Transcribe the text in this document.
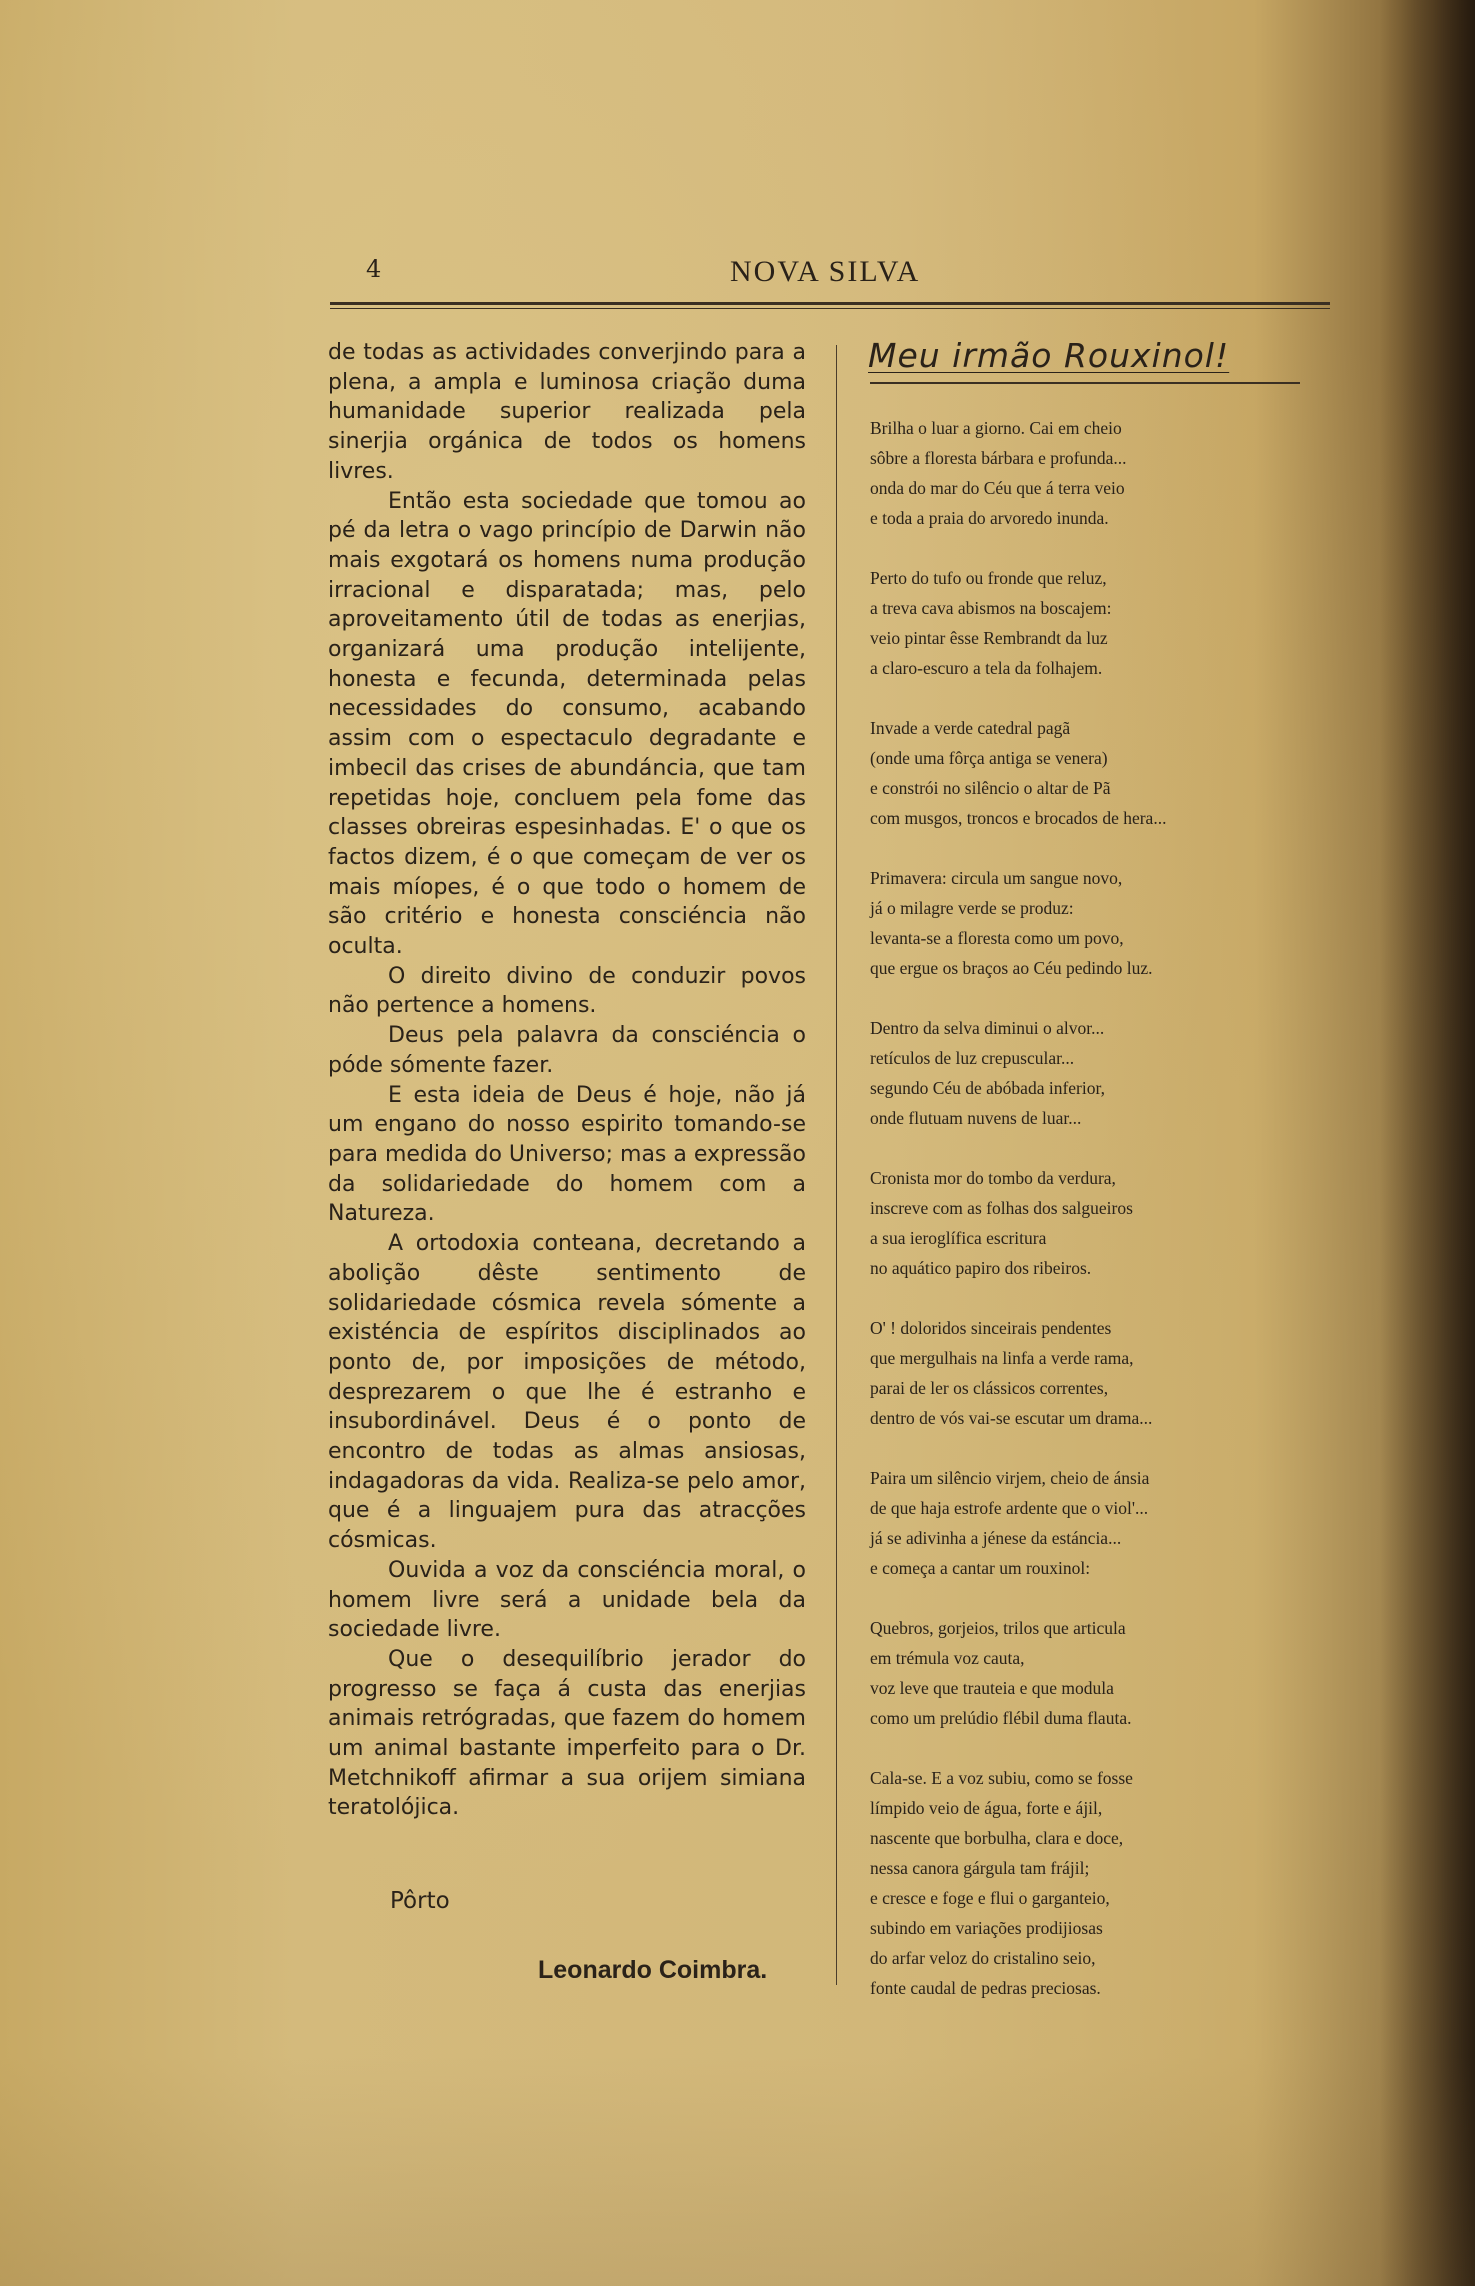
4	NOVA SILVA

de todas as actividades converjindo para a plena, a ampla e luminosa criação duma humanidade superior realizada pela sinerjia orgánica de todos os homens livres.

Então esta sociedade que tomou ao pé da letra o vago princípio de Darwin não mais exgotará os homens numa produção irracional e disparatada; mas, pelo aproveitamento útil de todas as enerjias, organizará uma produção intelijente, honesta e fecunda, determinada pelas necessidades do consumo, acabando assim com o espectaculo degradante e imbecil das crises de abundáncia, que tam repetidas hoje, concluem pela fome das classes obreiras espesinhadas. E' o que os factos dizem, é o que começam de ver os mais míopes, é o que todo o homem de são critério e honesta consciéncia não oculta.

O direito divino de conduzir povos não pertence a homens.

Deus pela palavra da consciéncia o póde sómente fazer.

E esta ideia de Deus é hoje, não já um engano do nosso espirito tomando-se para medida do Universo; mas a expressão da solidariedade do homem com a Natureza.

A ortodoxia conteana, decretando a abolição dêste sentimento de solidariedade cósmica revela sómente a existéncia de espíritos disciplinados ao ponto de, por imposições de método, desprezarem o que lhe é estranho e insubordinável. Deus é o ponto de encontro de todas as almas ansiosas, indagadoras da vida. Realiza-se pelo amor, que é a linguajem pura das atracções cósmicas.

Ouvida a voz da consciéncia moral, o homem livre será a unidade bela da sociedade livre.

Que o desequilíbrio jerador do progresso se faça á custa das enerjias animais retrógradas, que fazem do homem um animal bastante imperfeito para o Dr. Metchnikoff afirmar a sua orijem simiana teratolójica.

Pôrto
Leonardo Coimbra.
Meu irmão Rouxinol!
Brilha o luar a giorno. Cai em cheio
sôbre a floresta bárbara e profunda...
onda do mar do Céu que á terra veio
e toda a praia do arvoredo inunda.
Perto do tufo ou fronde que reluz,
a treva cava abismos na boscajem:
veio pintar êsse Rembrandt da luz
a claro-escuro a tela da folhajem.
Invade a verde catedral pagã
(onde uma fôrça antiga se venera)
e constrói no silêncio o altar de Pã
com musgos, troncos e brocados de hera...
Primavera: circula um sangue novo,
já o milagre verde se produz:
levanta-se a floresta como um povo,
que ergue os braços ao Céu pedindo luz.
Dentro da selva diminui o alvor...
retículos de luz crepuscular...
segundo Céu de abóbada inferior,
onde flutuam nuvens de luar...
Cronista mor do tombo da verdura,
inscreve com as folhas dos salgueiros
a sua ieroglífica escritura
no aquático papiro dos ribeiros.
O' ! doloridos sinceirais pendentes
que mergulhais na linfa a verde rama,
parai de ler os clássicos correntes,
dentro de vós vai-se escutar um drama...
Paira um silêncio virjem, cheio de ánsia
de que haja estrofe ardente que o viol'...
já se adivinha a jénese da estáncia...
e começa a cantar um rouxinol:
Quebros, gorjeios, trilos que articula
em trémula voz cauta,
voz leve que trauteia e que modula
como um prelúdio flébil duma flauta.
Cala-se. E a voz subiu, como se fosse
límpido veio de água, forte e ájil,
nascente que borbulha, clara e doce,
nessa canora gárgula tam frájil;
e cresce e foge e flui o garganteio,
subindo em variações prodijiosas
do arfar veloz do cristalino seio,
fonte caudal de pedras preciosas.
